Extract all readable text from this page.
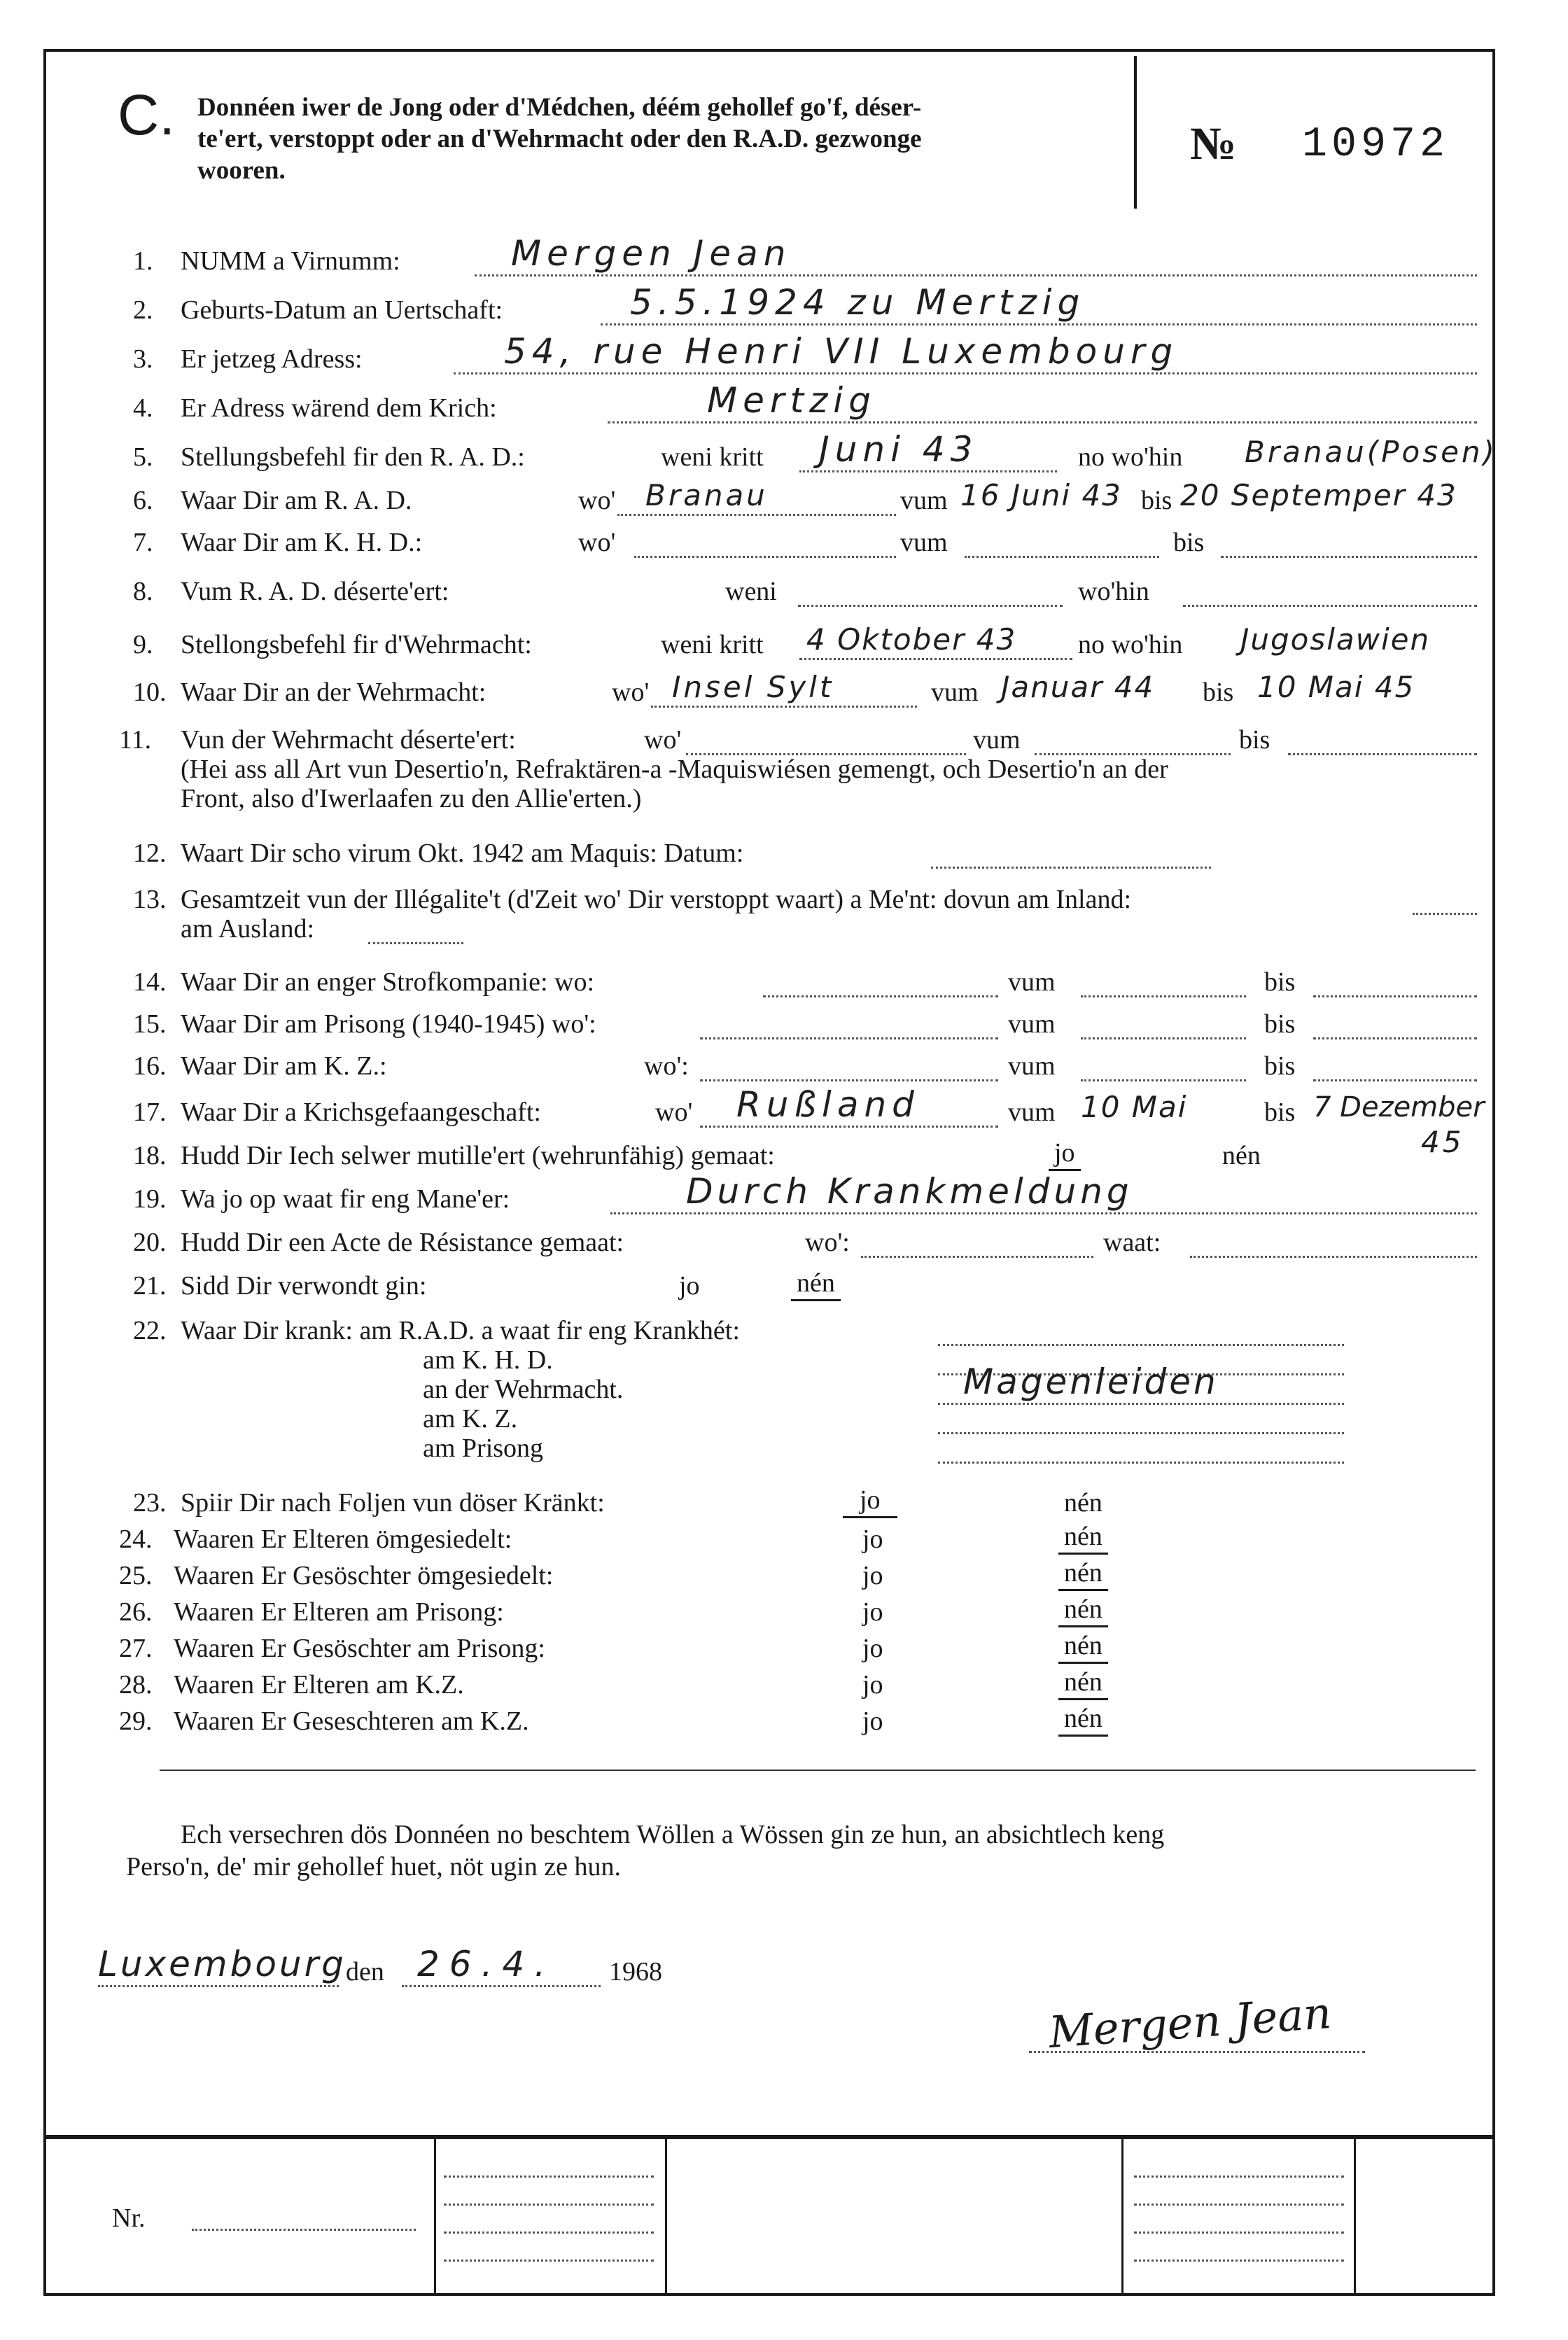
C. Donnéen iwer de Jong oder d'Médchen, déém gehollef go'f, déser-
te'ert, verstoppt oder an d'Wehrmacht oder den R.A.D. gezwonge
wooren.
№ 10972
1. NUMM a Virnumm:	Mergen Jean
2. Geburts-Datum an Uertschaft:	5.5.1924 zu Mertzig
3. Er jetzeg Adress:	54, rue Henri VII Luxembourg
4. Er Adress wärend dem Krich:	Mertzig
5. Stellungsbefehl fir den R. A. D.:	weni kritt Juni 43	no wo'hin Branau(Posen)
6. Waar Dir am R. A. D.	wo' Branau	vum 16 Juni 43 bis 20 Septemper 43
7. Waar Dir am K. H. D.:	wo'	vum	bis
8. Vum R. A. D. déserte'ert:	weni	wo'hin
9. Stellongsbefehl fir d'Wehrmacht:	weni kritt 4 Oktober 43 no wo'hin Jugoslawien
10. Waar Dir an der Wehrmacht:	wo' Insel Sylt	vum Januar 44 bis 10 Mai 45
11. Vun der Wehrmacht déserte'ert:	wo'	vum	bis
(Hei ass all Art vun Desertio'n, Refraktären-a -Maquiswiésen gemengt, och Desertio'n an der
Front, also d'Iwerlaafen zu den Allie'erten.)
12. Waart Dir scho virum Okt. 1942 am Maquis: Datum:
13. Gesamtzeit vun der Illégalite't (d'Zeit wo' Dir verstoppt waart) a Me'nt: dovun am Inland:
am Ausland:
14. Waar Dir an enger Strofkompanie: wo:	vum	bis
15. Waar Dir am Prisong (1940-1945) wo':	vum	bis
16. Waar Dir am K. Z.:	wo':	vum	bis
17. Waar Dir a Krichsgefaangeschaft:	wo' Rußland	vum 10 Mai	bis 7 Dezember
45
18. Hudd Dir Iech selwer mutille'ert (wehrunfähig) gemaat:	jo	nén
19. Wa jo op waat fir eng Mane'er:	Durch Krankmeldung
20. Hudd Dir een Acte de Résistance gemaat:	wo':	waat:
21. Sidd Dir verwondt gin:	jo	nén
22. Waar Dir krank: am R.A.D. a waat fir eng Krankhét:
am K. H. D.
an der Wehrmacht.	Magenleiden
am K. Z.
am Prisong
23. Spiir Dir nach Foljen vun döser Kränkt:	jo	nén
24. Waaren Er Elteren ömgesiedelt:	jo	nén
25. Waaren Er Gesöschter ömgesiedelt:	jo	nén
26. Waaren Er Elteren am Prisong:	jo	nén
27. Waaren Er Gesöschter am Prisong:	jo	nén
28. Waaren Er Elteren am K.Z.	jo	nén
29. Waaren Er Geseschteren am K.Z.	jo	nén
Ech versechren dös Donnéen no beschtem Wöllen a Wössen gin ze hun, an absichtlech keng
Perso'n, de' mir gehollef huet, nöt ugin ze hun.
Luxembourg den 26.4. 1968
Mergen Jean
Nr.
